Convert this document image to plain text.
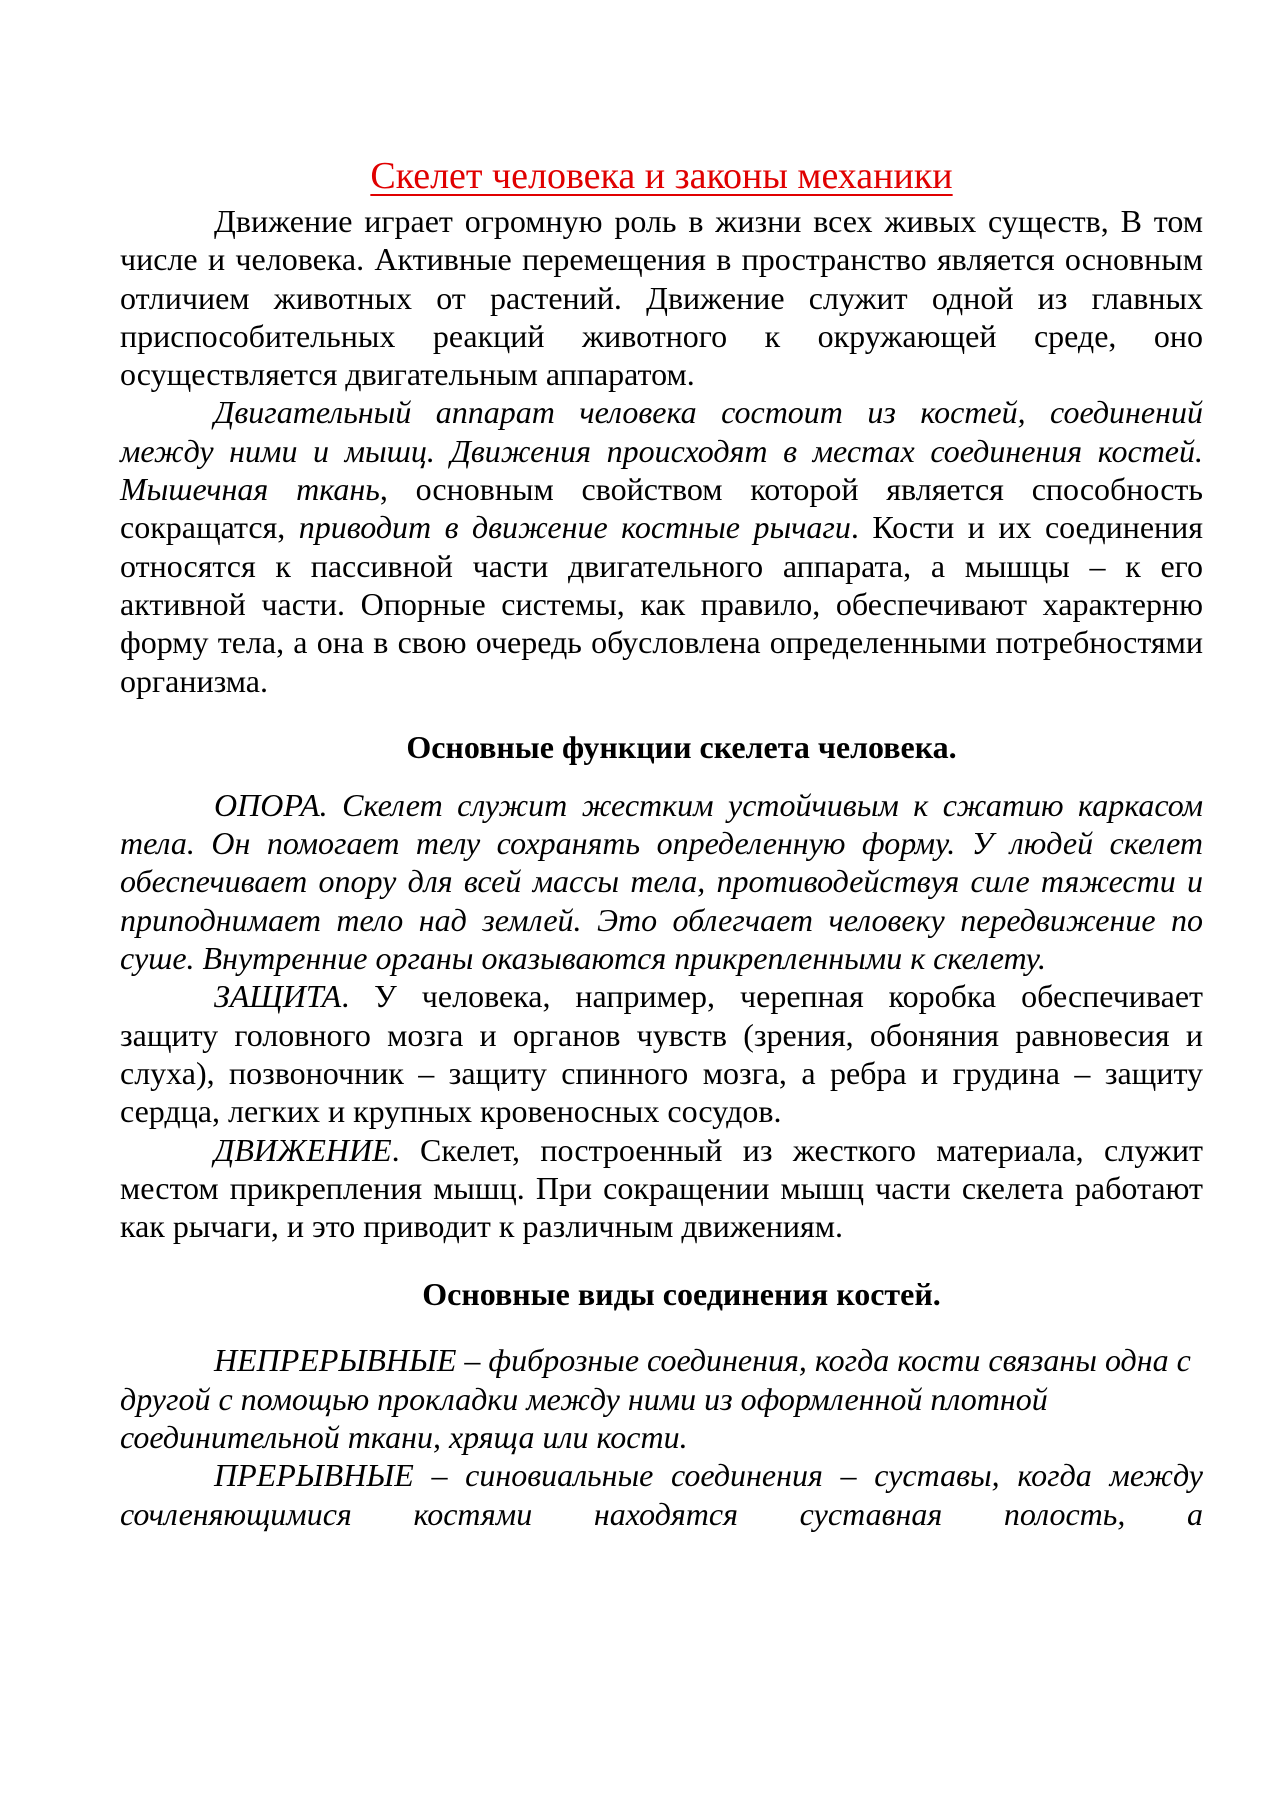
Скелет человека и законы механики

Движение играет огромную роль в жизни всех живых существ, В том числе и человека. Активные перемещения в пространство является основным отличием животных от растений. Движение служит одной из главных приспособительных реакций животного к окружающей среде, оно осуществляется двигательным аппаратом.

Двигательный аппарат человека состоит из костей, соединений между ними и мышц. Движения происходят в местах соединения костей. Мышечная ткань, основным свойством которой является способность сокращатся, приводит в движение костные рычаги. Кости и их соединения относятся к пассивной части двигательного аппарата, а мышцы – к его активной части. Опорные системы, как правило, обеспечивают характерню форму тела, а она в свою очередь обусловлена определенными потребностями организма.

Основные функции скелета человека.

ОПОРА. Скелет служит жестким устойчивым к сжатию каркасом тела. Он помогает телу сохранять определенную форму. У людей скелет обеспечивает опору для всей массы тела, противодействуя силе тяжести и приподнимает тело над землей. Это облегчает человеку передвижение по суше. Внутренние органы оказываются прикрепленными к скелету.

ЗАЩИТА. У человека, например, черепная коробка обеспечивает защиту головного мозга и органов чувств (зрения, обоняния равновесия и слуха), позвоночник – защиту спинного мозга, а ребра и грудина – защиту сердца, легких и крупных кровеносных сосудов.

ДВИЖЕНИЕ. Скелет, построенный из жесткого материала, служит местом прикрепления мышц. При сокращении мышц части скелета работают как рычаги, и это приводит к различным движениям.

Основные виды соединения костей.

НЕПРЕРЫВНЫЕ – фиброзные соединения, когда кости связаны одна с другой с помощью прокладки между ними из оформленной плотной соединительной ткани, хряща или кости.

ПРЕРЫВНЫЕ – синовиальные соединения – суставы, когда между сочленяющимися костями находятся суставная полость, а
